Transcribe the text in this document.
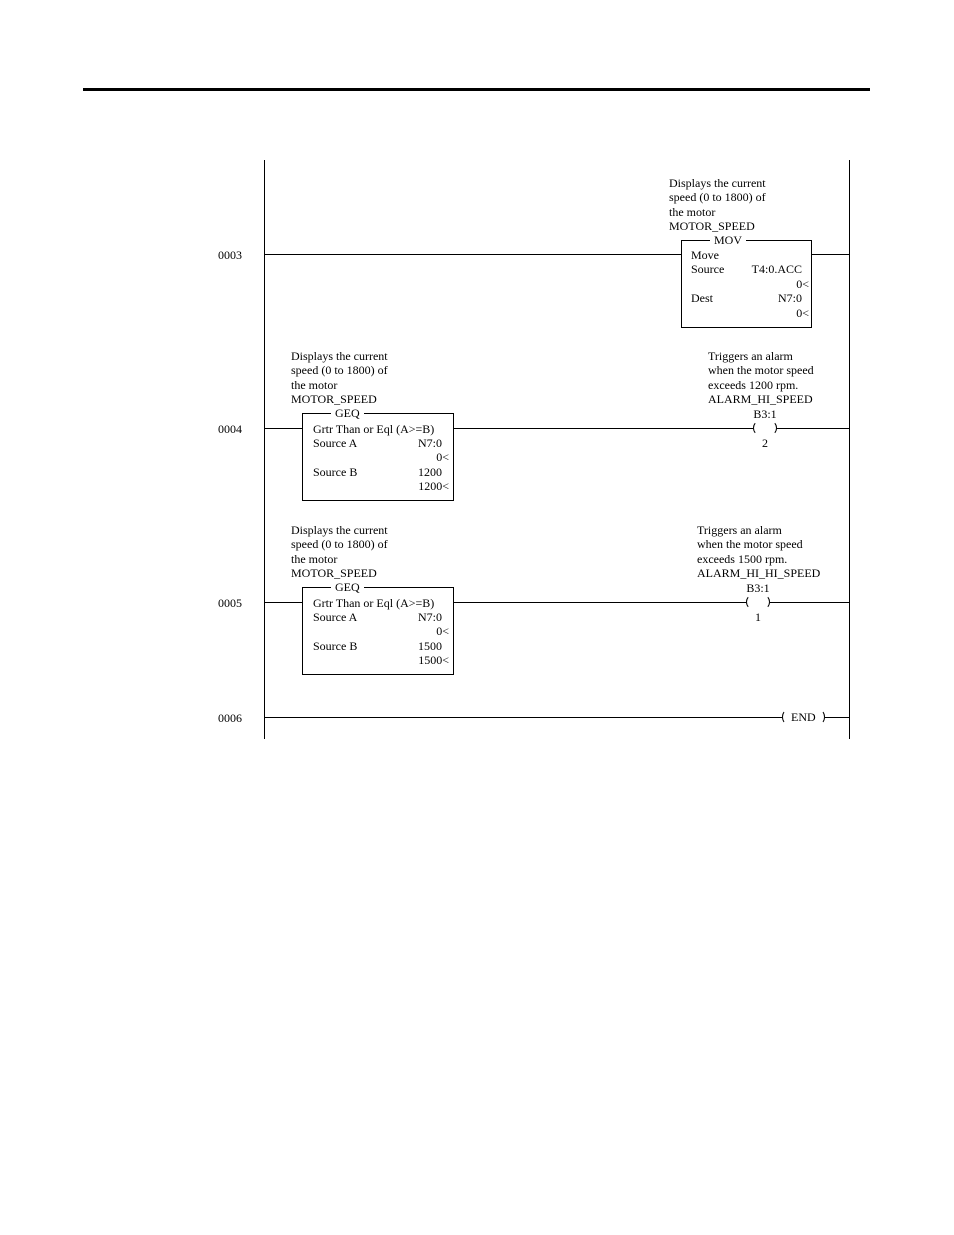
0003
Displays the current
speed (0 to 1800) of
the motor
MOTOR_SPEED
MOV
Move
Source T4:0.ACC
0<
Dest	N7:0
0<
0004
Displays the current
speed (0 to 1800) of
the motor
MOTOR_SPEED
GEQ
Grtr Than or Eql (A>=B)
Source A	N7:0
0<
Source B	1200
1200<
Triggers an alarm
when the motor speed
exceeds 1200 rpm.
ALARM_HI_SPEED
B3:1
2
0005
Displays the current
speed (0 to 1800) of
the motor
MOTOR_SPEED
GEQ
Grtr Than or Eql (A>=B)
Source A	N7:0
0<
Source B	1500
1500<
Triggers an alarm
when the motor speed
exceeds 1500 rpm.
ALARM_HI_HI_SPEED
B3:1
1
0006	END
